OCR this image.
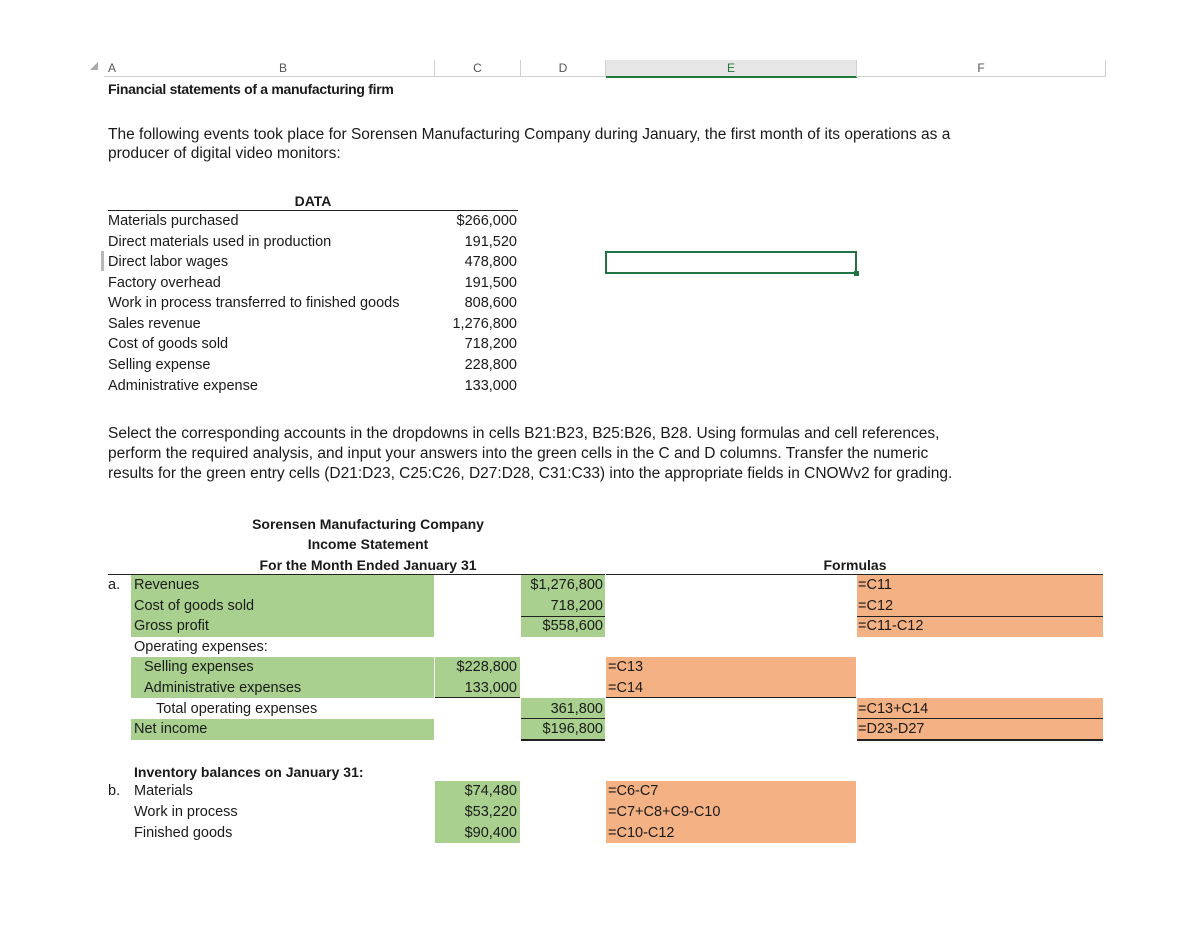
A	B	C	D	E	F
Financial statements of a manufacturing firm
The following events took place for Sorensen Manufacturing Company during January, the first month of its operations as a
producer of digital video monitors:
DATA
Materials purchased	$266,000
Direct materials used in production	191,520
Direct labor wages	478,800
Factory overhead	191,500
Work in process transferred to finished goods	808,600
Sales revenue	1,276,800
Cost of goods sold	718,200
Selling expense	228,800
Administrative expense	133,000
Select the corresponding accounts in the dropdowns in cells B21:B23, B25:B26, B28. Using formulas and cell references,
perform the required analysis, and input your answers into the green cells in the C and D columns. Transfer the numeric
results for the green entry cells (D21:D23, C25:C26, D27:D28, C31:C33) into the appropriate fields in CNOWv2 for grading.
Sorensen Manufacturing Company
Income Statement
For the Month Ended January 31	Formulas
a. Revenues	$1,276,800	=C11
Cost of goods sold	718,200	=C12
Gross profit	$558,600	=C11-C12
Operating expenses:
Selling expenses	$228,800	=C13
Administrative expenses	133,000	=C14
Total operating expenses	361,800	=C13+C14
Net income	$196,800	=D23-D27
Inventory balances on January 31:
b. Materials	$74,480	=C6-C7
Work in process	$53,220	=C7+C8+C9-C10
Finished goods	$90,400	=C10-C12
